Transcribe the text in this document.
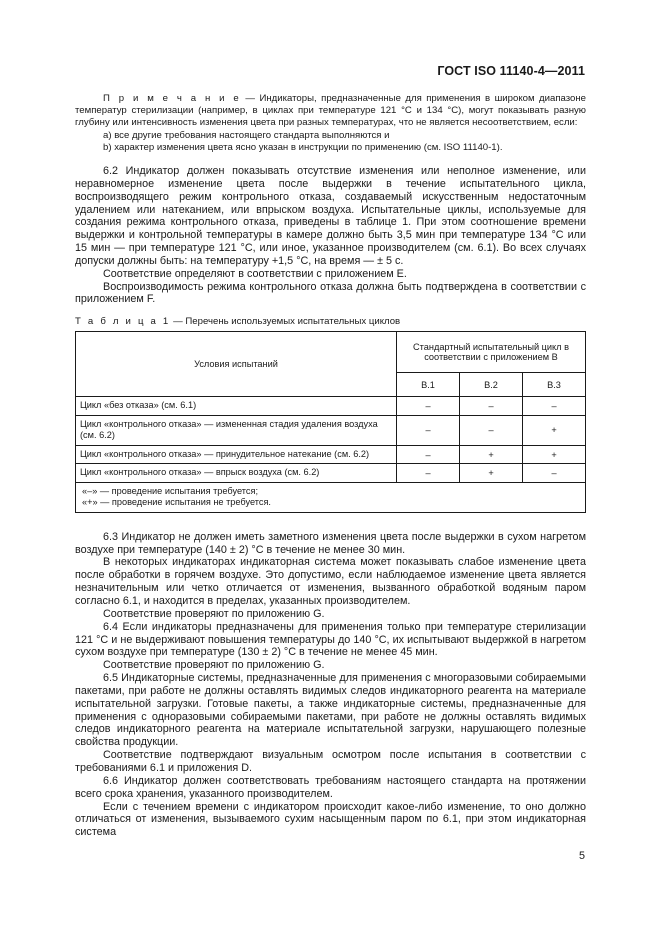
ГОСТ ISO 11140-4—2011

П р и м е ч а н и е — Индикаторы, предназначенные для применения в широком диапазоне температур стерилизации (например, в циклах при температуре 121 °С и 134 °С), могут показывать разную глубину или интенсивность изменения цвета при разных температурах, что не является несоответствием, если:

a) все другие требования настоящего стандарта выполняются и

b) характер изменения цвета ясно указан в инструкции по применению (см. ISO 11140-1).

6.2 Индикатор должен показывать отсутствие изменения или неполное изменение, или неравномерное изменение цвета после выдержки в течение испытательного цикла, воспроизводящего режим контрольного отказа, создаваемый искусственным недостаточным удалением или натеканием, или впрыском воздуха. Испытательные циклы, используемые для создания режима контрольного отказа, приведены в таблице 1. При этом соотношение времени выдержки и контрольной температуры в камере должно быть 3,5 мин при температуре 134 °С или 15 мин — при температуре 121 °С, или иное, указанное производителем (см. 6.1). Во всех случаях допуски должны быть: на температуру +1,5 °С, на время — ± 5 с.

Соответствие определяют в соответствии с приложением Е.

Воспроизводимость режима контрольного отказа должна быть подтверждена в соответствии с приложением F.

Т а б л и ц а 1 — Перечень используемых испытательных циклов
Условия испытаний	Стандартный испытательный цикл в соответствии с приложением В		
	В.1	В.2	В.3
Цикл «без отказа» (см. 6.1)	–	–	–
Цикл «контрольного отказа» — измененная стадия удаления воздуха (см. 6.2)	–	–	+
Цикл «контрольного отказа» — принудительное натекание (см. 6.2)	–	+	+
Цикл «контрольного отказа» — впрыск воздуха (см. 6.2)	–	+	–

«–» — проведение испытания требуется;
«+» — проведение испытания не требуется.			

6.3 Индикатор не должен иметь заметного изменения цвета после выдержки в сухом нагретом воздухе при температуре (140 ± 2) °С в течение не менее 30 мин.

В некоторых индикаторах индикаторная система может показывать слабое изменение цвета после обработки в горячем воздухе. Это допустимо, если наблюдаемое изменение цвета является незначительным или четко отличается от изменения, вызванного обработкой водяным паром согласно 6.1, и находится в пределах, указанных производителем.

Соответствие проверяют по приложению G.

6.4 Если индикаторы предназначены для применения только при температуре стерилизации 121 °С и не выдерживают повышения температуры до 140 °С, их испытывают выдержкой в нагретом сухом воздухе при температуре (130 ± 2) °С в течение не менее 45 мин.

Соответствие проверяют по приложению G.

6.5 Индикаторные системы, предназначенные для применения с многоразовыми собираемыми пакетами, при работе не должны оставлять видимых следов индикаторного реагента на материале испытательной загрузки. Готовые пакеты, а также индикаторные системы, предназначенные для применения с одноразовыми собираемыми пакетами, при работе не должны оставлять видимых следов индикаторного реагента на материале испытательной загрузки, нарушающего полезные свойства продукции.

Соответствие подтверждают визуальным осмотром после испытания в соответствии с требованиями 6.1 и приложения D.

6.6 Индикатор должен соответствовать требованиям настоящего стандарта на протяжении всего срока хранения, указанного производителем.

Если с течением времени с индикатором происходит какое-либо изменение, то оно должно отличаться от изменения, вызываемого сухим насыщенным паром по 6.1, при этом индикаторная система

5
